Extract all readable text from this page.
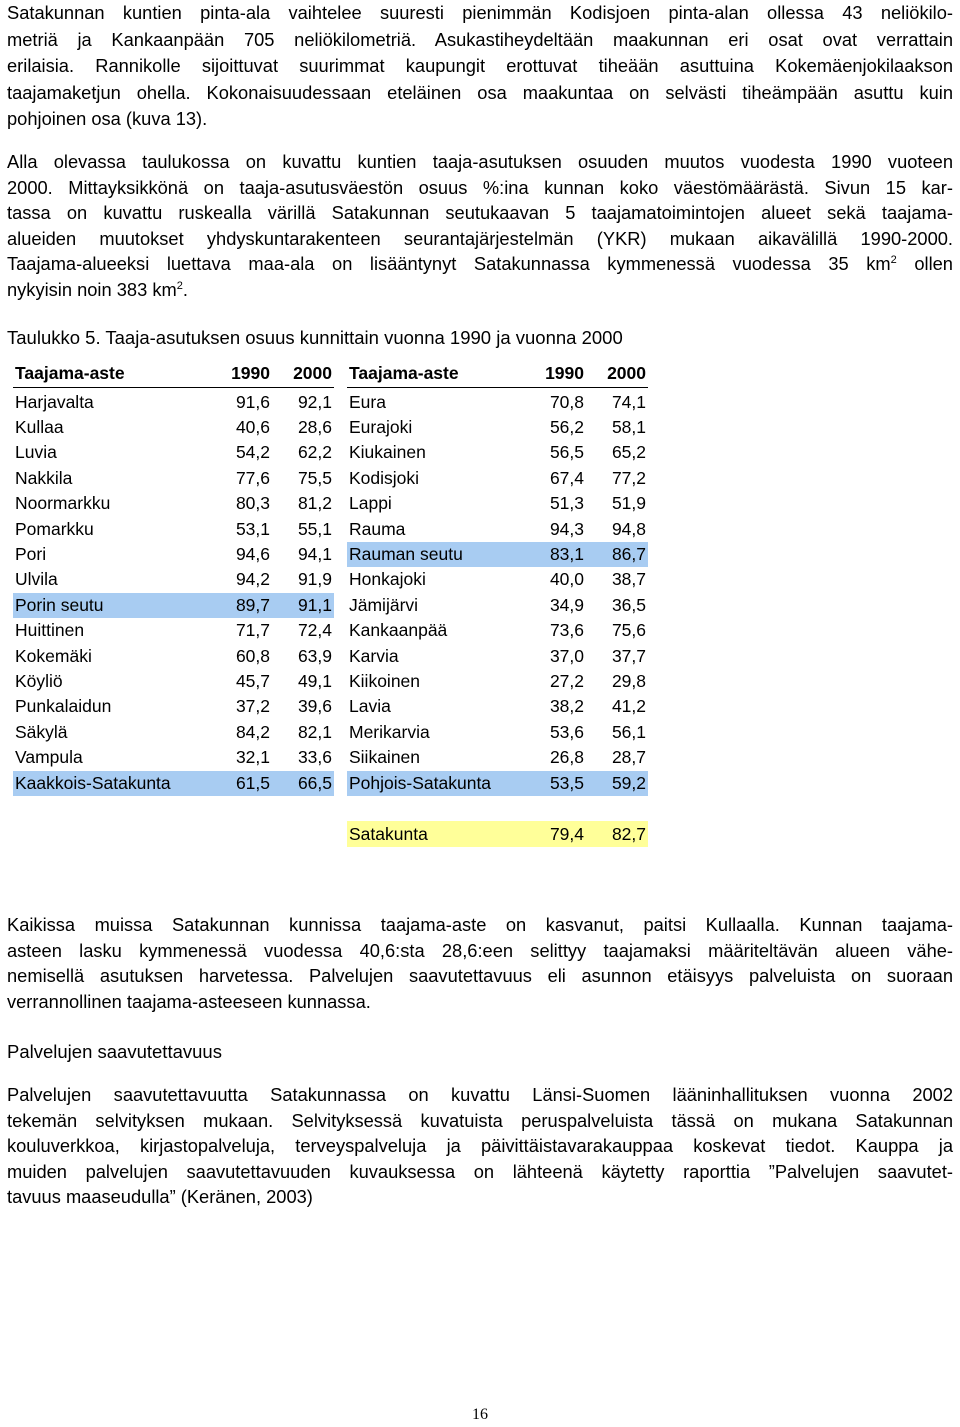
Satakunnan kuntien pinta-ala vaihtelee suuresti pienimmän Kodisjoen pinta-alan ollessa 43 neliökilo-
metriä ja Kankaanpään 705 neliökilometriä. Asukastiheydeltään maakunnan eri osat ovat verrattain
erilaisia. Rannikolle sijoittuvat suurimmat kaupungit erottuvat tiheään asuttuina Kokemäenjokilaakson
taajamaketjun ohella. Kokonaisuudessaan eteläinen osa maakuntaa on selvästi tiheämpään asuttu kuin
pohjoinen osa (kuva 13).
Alla olevassa taulukossa on kuvattu kuntien taaja-asutuksen osuuden muutos vuodesta 1990 vuoteen
2000. Mittayksikkönä on taaja-asutusväestön osuus %:ina kunnan koko väestömäärästä. Sivun 15 kar-
tassa on kuvattu ruskealla värillä Satakunnan seutukaavan 5 taajamatoimintojen alueet sekä taajama-
alueiden muutokset yhdyskuntarakenteen seurantajärjestelmän (YKR) mukaan aikavälillä 1990-2000.
Taajama-alueeksi luettava maa-ala on lisääntynyt Satakunnassa kymmenessä vuodessa 35 $km^2$ ollen
nykyisin noin 383 $km^2$.
Taulukko 5. Taaja-asutuksen osuus kunnittain vuonna 1990 ja vuonna 2000
Taajama-aste	1990	2000

Harjavalta	91,6	92,1
Kullaa	40,6	28,6
Luvia	54,2	62,2
Nakkila	77,6	75,5
Noormarkku	80,3	81,2
Pomarkku	53,1	55,1
Pori	94,6	94,1
Ulvila	94,2	91,9
Porin seutu	89,7	91,1
Huittinen	71,7	72,4
Kokemäki	60,8	63,9
Köyliö	45,7	49,1
Punkalaidun	37,2	39,6
Säkylä	84,2	82,1
Vampula	32,1	33,6
Kaakkois-Satakunta	61,5	66,5
Taajama-aste	1990	2000

Eura	70,8	74,1
Eurajoki	56,2	58,1
Kiukainen	56,5	65,2
Kodisjoki	67,4	77,2
Lappi	51,3	51,9
Rauma	94,3	94,8
Rauman seutu	83,1	86,7
Honkajoki	40,0	38,7
Jämijärvi	34,9	36,5
Kankaanpää	73,6	75,6
Karvia	37,0	37,7
Kiikoinen	27,2	29,8
Lavia	38,2	41,2
Merikarvia	53,6	56,1
Siikainen	26,8	28,7
Pohjois-Satakunta	53,5	59,2
Satakunta	79,4	82,7
Kaikissa muissa Satakunnan kunnissa taajama-aste on kasvanut, paitsi Kullaalla. Kunnan taajama-
asteen lasku kymmenessä vuodessa 40,6:sta 28,6:een selittyy taajamaksi määriteltävän alueen vähe-
nemisellä asutuksen harvetessa. Palvelujen saavutettavuus eli asunnon etäisyys palveluista on suoraan
verrannollinen taajama-asteeseen kunnassa.
Palvelujen saavutettavuus
Palvelujen saavutettavuutta Satakunnassa on kuvattu Länsi-Suomen lääninhallituksen vuonna 2002
tekemän selvityksen mukaan. Selvityksessä kuvatuista peruspalveluista tässä on mukana Satakunnan
kouluverkkoa, kirjastopalveluja, terveyspalveluja ja päivittäistavarakauppaa koskevat tiedot. Kauppa ja
muiden palvelujen saavutettavuuden kuvauksessa on lähteenä käytetty raporttia ”Palvelujen saavutet-
tavuus maaseudulla” (Keränen, 2003)
16
